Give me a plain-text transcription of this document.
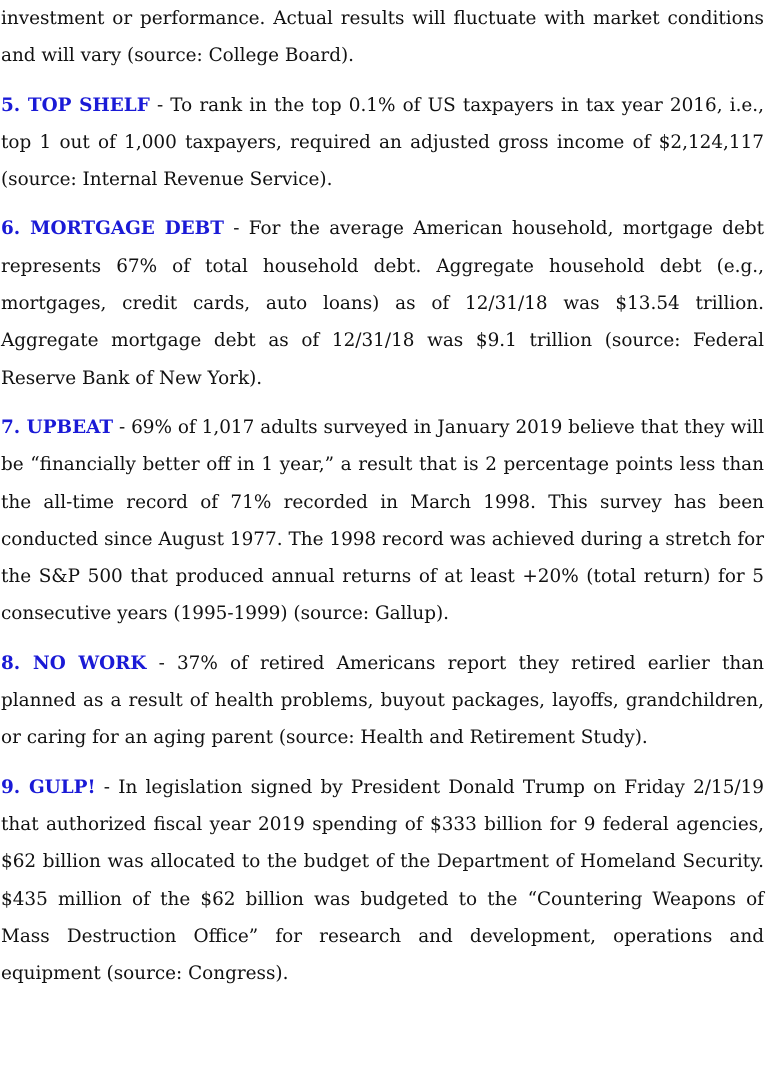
investment or performance. Actual results will fluctuate with market conditions and will vary (source: College Board).

5. TOP SHELF - To rank in the top 0.1% of US taxpayers in tax year 2016, i.e., top 1 out of 1,000 taxpayers, required an adjusted gross income of $2,124,117 (source: Internal Revenue Service).

6. MORTGAGE DEBT - For the average American household, mortgage debt represents 67% of total household debt. Aggregate household debt (e.g., mortgages, credit cards, auto loans) as of 12/31/18 was $13.54 trillion. Aggregate mortgage debt as of 12/31/18 was $9.1 trillion (source: Federal Reserve Bank of New York).

7. UPBEAT - 69% of 1,017 adults surveyed in January 2019 believe that they will be “financially better off in 1 year,” a result that is 2 percentage points less than the all-time record of 71% recorded in March 1998. This survey has been conducted since August 1977. The 1998 record was achieved during a stretch for the S&P 500 that produced annual returns of at least +20% (total return) for 5 consecutive years (1995-1999) (source: Gallup).

8. NO WORK - 37% of retired Americans report they retired earlier than planned as a result of health problems, buyout packages, layoffs, grandchildren, or caring for an aging parent (source: Health and Retirement Study).

9. GULP! - In legislation signed by President Donald Trump on Friday 2/15/19 that authorized fiscal year 2019 spending of $333 billion for 9 federal agencies, $62 billion was allocated to the budget of the Department of Homeland Security. $435 million of the $62 billion was budgeted to the “Countering Weapons of Mass Destruction Office” for research and development, operations and equipment (source: Congress).
